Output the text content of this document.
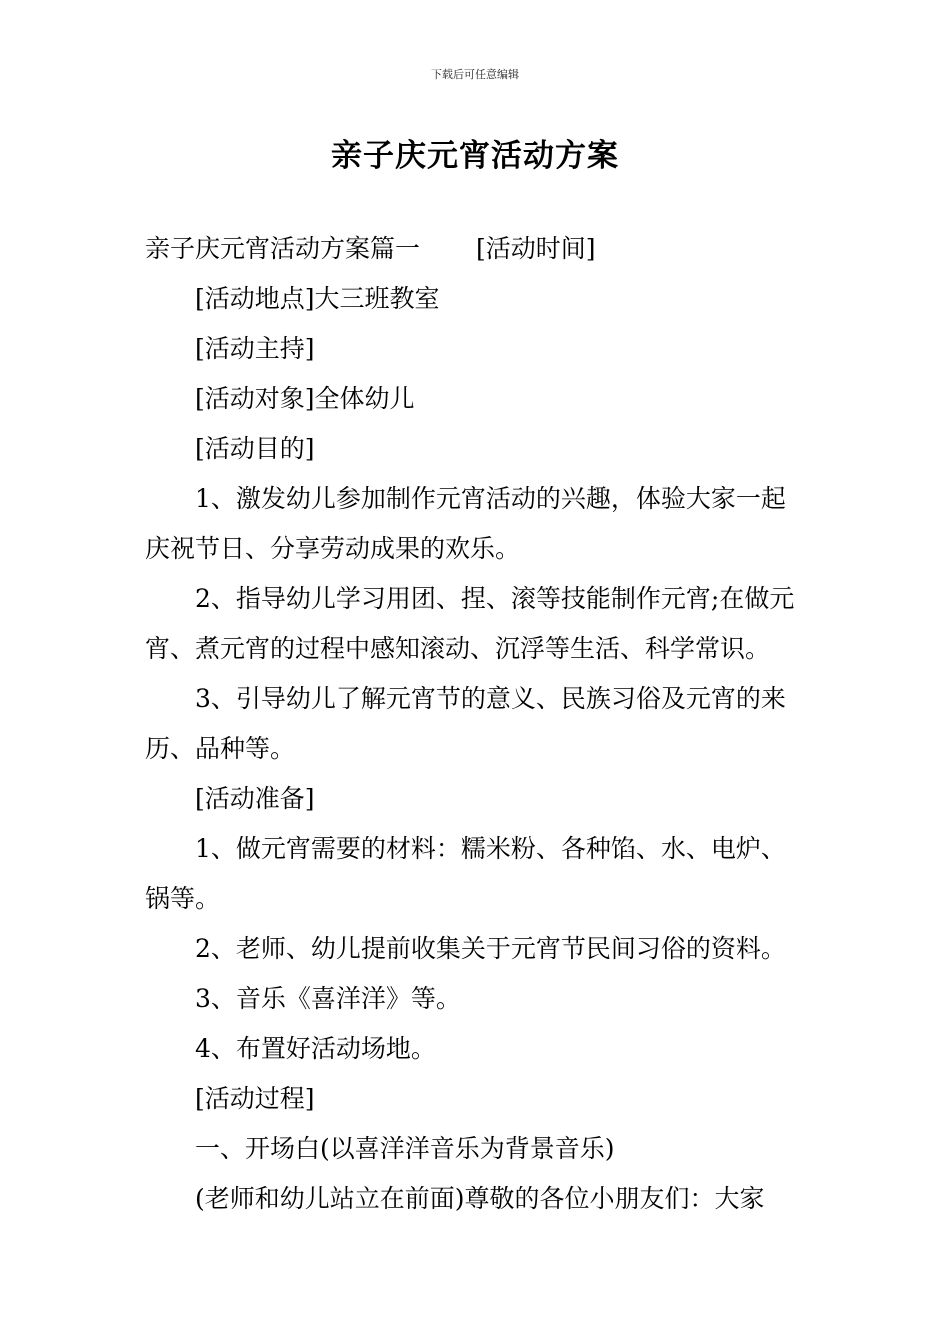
下载后可任意编辑
亲子庆元宵活动方案

亲子庆元宵活动方案篇一 [活动时间]

[活动地点]大三班教室

[活动主持]

[活动对象]全体幼儿

[活动目的]

1、激发幼儿参加制作元宵活动的兴趣，体验大家一起庆祝节日、分享劳动成果的欢乐。

2、指导幼儿学习用团、捏、滚等技能制作元宵;在做元宵、煮元宵的过程中感知滚动、沉浮等生活、科学常识。

3、引导幼儿了解元宵节的意义、民族习俗及元宵的来历、品种等。

[活动准备]

1、做元宵需要的材料：糯米粉、各种馅、水、电炉、锅等。

2、老师、幼儿提前收集关于元宵节民间习俗的资料。

3、音乐《喜洋洋》等。

4、布置好活动场地。

[活动过程]

一、开场白(以喜洋洋音乐为背景音乐)

(老师和幼儿站立在前面)尊敬的各位小朋友们：大家
